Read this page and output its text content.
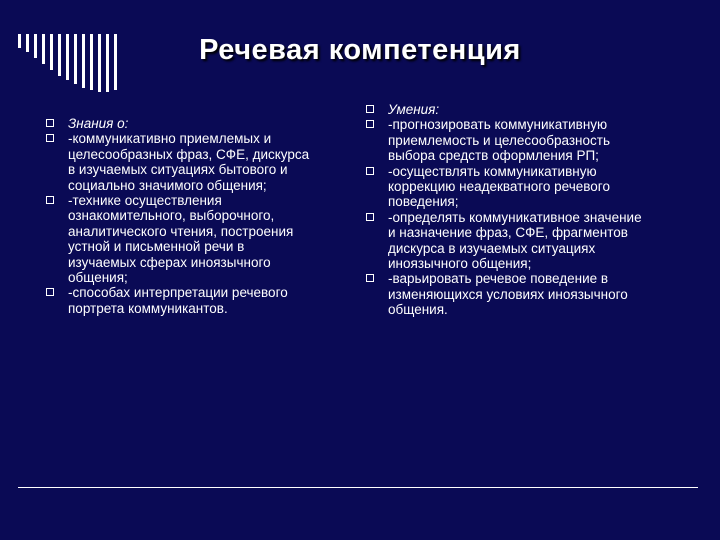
Речевая компетенция
Знания о:
-коммуникативно приемлемых и целесообразных фраз, СФЕ, дискурса в изучаемых ситуациях бытового и социально значимого общения;
-технике осуществления ознакомительного, выборочного, аналитического чтения, построения устной и письменной речи в изучаемых сферах иноязычного общения;
-способах интерпретации речевого портрета коммуникантов.
Умения:
-прогнозировать коммуникативную приемлемость и целесообразность выбора средств оформления РП;
-осуществлять коммуникативную коррекцию неадекватного речевого поведения;
-определять коммуникативное значение и назначение фраз, СФЕ, фрагментов дискурса в изучаемых ситуациях иноязычного общения;
-варьировать речевое поведение в изменяющихся условиях иноязычного общения.
